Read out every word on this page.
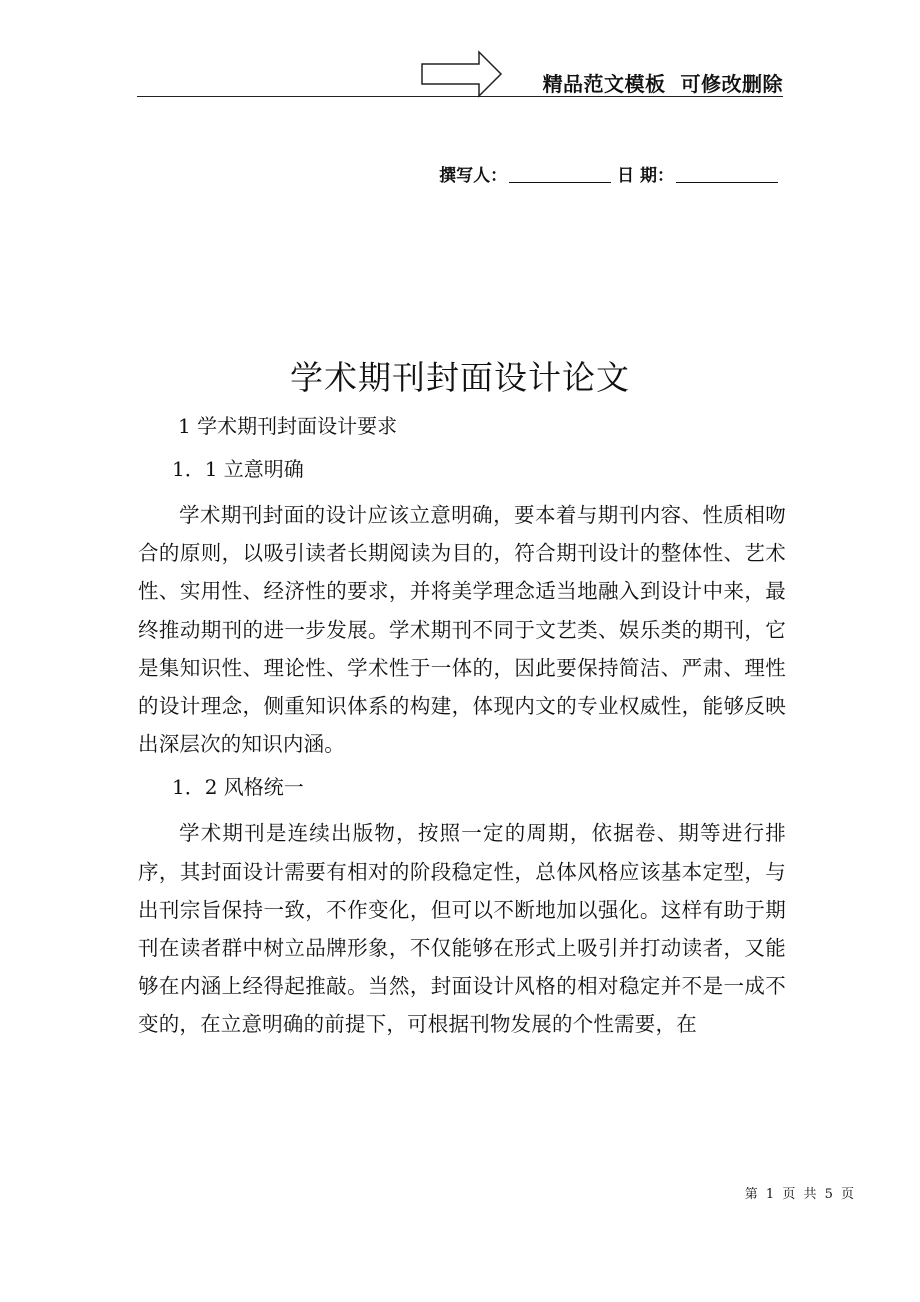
精品范文模板  可修改删除
撰写人：	日 期：
学术期刊封面设计论文

1 学术期刊封面设计要求

1．1 立意明确

学术期刊封面的设计应该立意明确，要本着与期刊内容、性质相吻合的原则，以吸引读者长期阅读为目的，符合期刊设计的整体性、艺术性、实用性、经济性的要求，并将美学理念适当地融入到设计中来，最终推动期刊的进一步发展。学术期刊不同于文艺类、娱乐类的期刊，它是集知识性、理论性、学术性于一体的，因此要保持简洁、严肃、理性的设计理念，侧重知识体系的构建，体现内文的专业权威性，能够反映出深层次的知识内涵。

1．2 风格统一

学术期刊是连续出版物，按照一定的周期，依据卷、期等进行排序，其封面设计需要有相对的阶段稳定性，总体风格应该基本定型，与出刊宗旨保持一致，不作变化，但可以不断地加以强化。这样有助于期刊在读者群中树立品牌形象，不仅能够在形式上吸引并打动读者，又能够在内涵上经得起推敲。当然，封面设计风格的相对稳定并不是一成不变的，在立意明确的前提下，可根据刊物发展的个性需要，在

第 1 页 共 5 页
